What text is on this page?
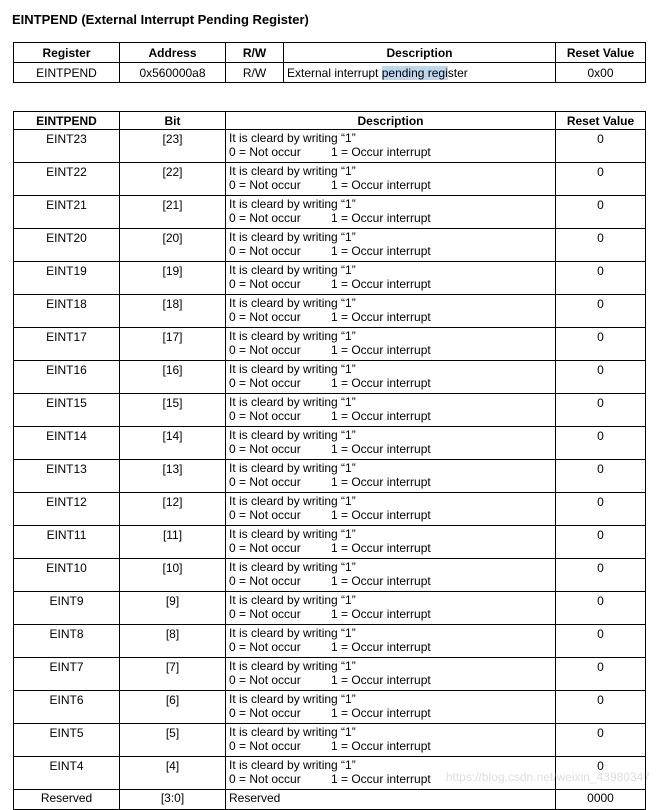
EINTPEND (External Interrupt Pending Register)
Register	Address	R/W	Description	Reset Value
EINTPEND	0x560000a8	R/W	External interrupt pending register	0x00
EINTPEND	Bit	Description	Reset Value
EINT23	[23]	It is cleard by writing “1”
0 = Not occur 1 = Occur interrupt	0
EINT22	[22]	It is cleard by writing “1”
0 = Not occur 1 = Occur interrupt	0
EINT21	[21]	It is cleard by writing “1”
0 = Not occur 1 = Occur interrupt	0
EINT20	[20]	It is cleard by writing “1”
0 = Not occur 1 = Occur interrupt	0
EINT19	[19]	It is cleard by writing “1”
0 = Not occur 1 = Occur interrupt	0
EINT18	[18]	It is cleard by writing “1”
0 = Not occur 1 = Occur interrupt	0
EINT17	[17]	It is cleard by writing “1”
0 = Not occur 1 = Occur interrupt	0
EINT16	[16]	It is cleard by writing “1”
0 = Not occur 1 = Occur interrupt	0
EINT15	[15]	It is cleard by writing “1”
0 = Not occur 1 = Occur interrupt	0
EINT14	[14]	It is cleard by writing “1”
0 = Not occur 1 = Occur interrupt	0
EINT13	[13]	It is cleard by writing “1”
0 = Not occur 1 = Occur interrupt	0
EINT12	[12]	It is cleard by writing “1”
0 = Not occur 1 = Occur interrupt	0
EINT11	[11]	It is cleard by writing “1”
0 = Not occur 1 = Occur interrupt	0
EINT10	[10]	It is cleard by writing “1”
0 = Not occur 1 = Occur interrupt	0
EINT9	[9]	It is cleard by writing “1”
0 = Not occur 1 = Occur interrupt	0
EINT8	[8]	It is cleard by writing “1”
0 = Not occur 1 = Occur interrupt	0
EINT7	[7]	It is cleard by writing “1”
0 = Not occur 1 = Occur interrupt	0
EINT6	[6]	It is cleard by writing “1”
0 = Not occur 1 = Occur interrupt	0
EINT5	[5]	It is cleard by writing “1”
0 = Not occur 1 = Occur interrupt	0
EINT4	[4]	It is cleard by writing “1”
0 = Not occur 1 = Occur interrupt	0
Reserved	[3:0]	Reserved	0000
https://blog.csdn.net/weixin_43980347
